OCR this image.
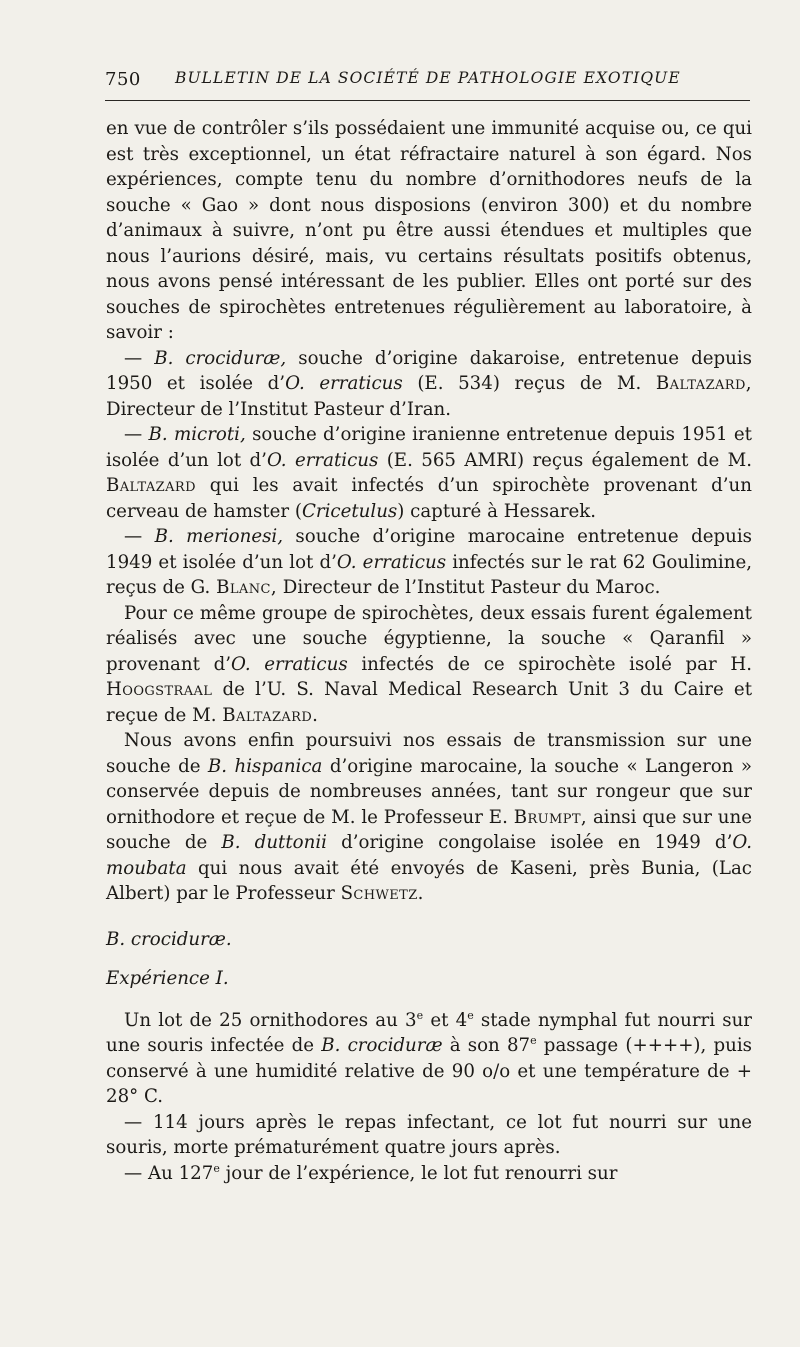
750 BULLETIN DE LA SOCIÉTÉ DE PATHOLOGIE EXOTIQUE

en vue de contrôler s’ils possédaient une immunité acquise ou, ce qui est très exceptionnel, un état réfractaire naturel à son égard. Nos expériences, compte tenu du nombre d’ornithodores neufs de la souche « Gao » dont nous disposions (environ 300) et du nombre d’animaux à suivre, n’ont pu être aussi étendues et multiples que nous l’aurions désiré, mais, vu certains résultats positifs obtenus, nous avons pensé intéressant de les publier. Elles ont porté sur des souches de spirochètes entretenues régulièrement au laboratoire, à savoir :

— B. crociduræ, souche d’origine dakaroise, entretenue depuis 1950 et isolée d’O. erraticus (E. 534) reçus de M. Baltazard, Directeur de l’Institut Pasteur d’Iran.

— B. microti, souche d’origine iranienne entretenue depuis 1951 et isolée d’un lot d’O. erraticus (E. 565 AMRI) reçus également de M. Baltazard qui les avait infectés d’un spirochète provenant d’un cerveau de hamster (Cricetulus) capturé à Hessarek.

— B. merionesi, souche d’origine marocaine entretenue depuis 1949 et isolée d’un lot d’O. erraticus infectés sur le rat 62 Goulimine, reçus de G. Blanc, Directeur de l’Institut Pasteur du Maroc.

Pour ce même groupe de spirochètes, deux essais furent également réalisés avec une souche égyptienne, la souche « Qaranfil » provenant d’O. erraticus infectés de ce spirochète isolé par H. Hoogstraal de l’U. S. Naval Medical Research Unit 3 du Caire et reçue de M. Baltazard.

Nous avons enfin poursuivi nos essais de transmission sur une souche de B. hispanica d’origine marocaine, la souche « Langeron » conservée depuis de nombreuses années, tant sur rongeur que sur ornithodore et reçue de M. le Professeur E. Brumpt, ainsi que sur une souche de B. duttonii d’origine congolaise isolée en 1949 d’O. moubata qui nous avait été envoyés de Kaseni, près Bunia, (Lac Albert) par le Professeur Schwetz.

B. crociduræ.

Expérience I.

Un lot de 25 ornithodores au 3e et 4e stade nymphal fut nourri sur une souris infectée de B. crociduræ à son 87e passage (++++), puis conservé à une humidité relative de 90 o/o et une température de + 28° C.

— 114 jours après le repas infectant, ce lot fut nourri sur une souris, morte prématurément quatre jours après.

— Au 127e jour de l’expérience, le lot fut renourri sur
